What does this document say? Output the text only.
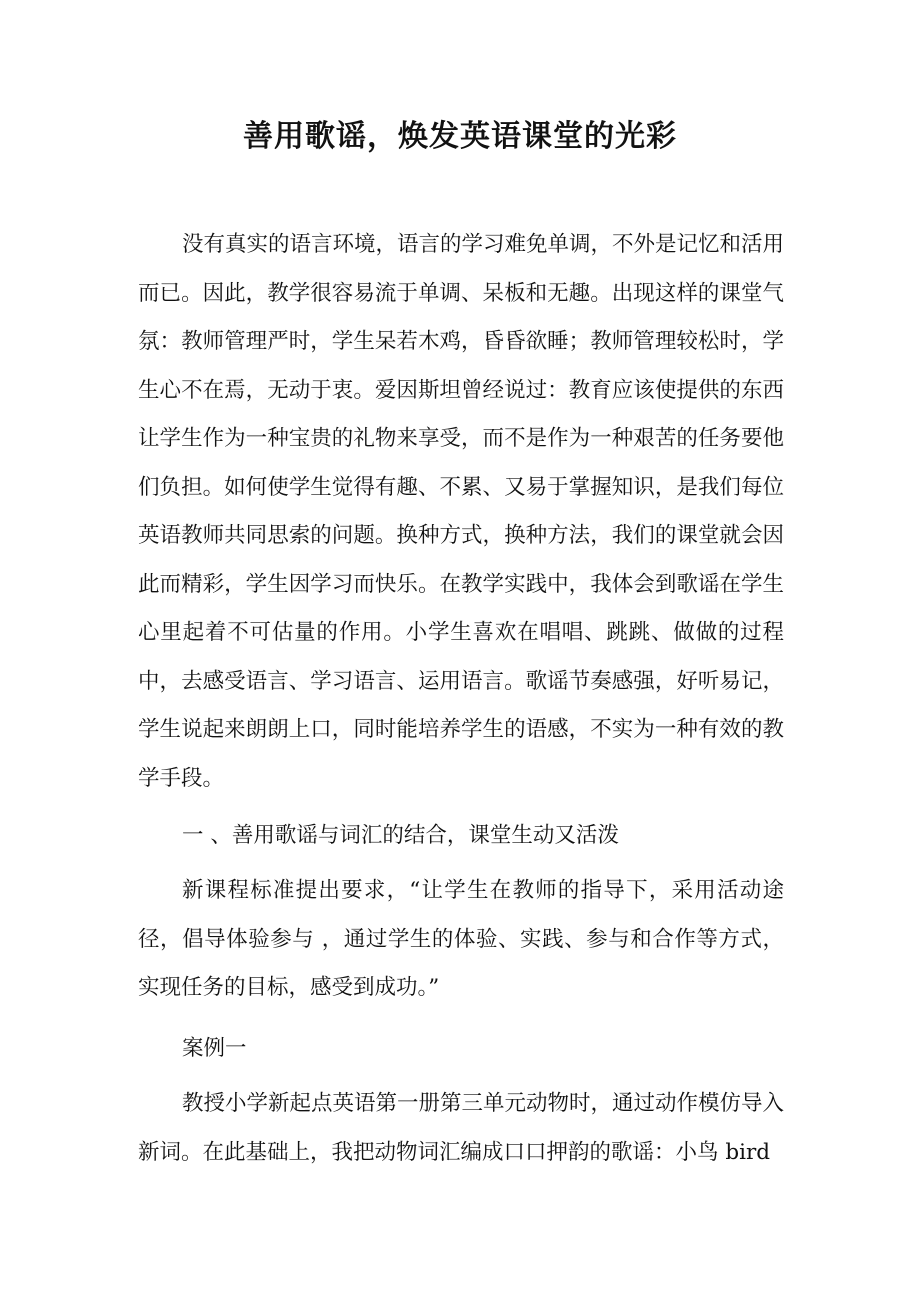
善用歌谣，焕发英语课堂的光彩

没有真实的语言环境，语言的学习难免单调，不外是记忆和活用而已。因此，教学很容易流于单调、呆板和无趣。出现这样的课堂气氛：教师管理严时，学生呆若木鸡，昏昏欲睡；教师管理较松时，学生心不在焉，无动于衷。爱因斯坦曾经说过：教育应该使提供的东西让学生作为一种宝贵的礼物来享受，而不是作为一种艰苦的任务要他们负担。如何使学生觉得有趣、不累、又易于掌握知识，是我们每位英语教师共同思索的问题。换种方式，换种方法，我们的课堂就会因此而精彩，学生因学习而快乐。在教学实践中，我体会到歌谣在学生心里起着不可估量的作用。小学生喜欢在唱唱、跳跳、做做的过程中，去感受语言、学习语言、运用语言。歌谣节奏感强，好听易记，学生说起来朗朗上口，同时能培养学生的语感，不实为一种有效的教学手段。

一 、善用歌谣与词汇的结合，课堂生动又活泼

新课程标准提出要求，“让学生在教师的指导下，采用活动途径，倡导体验参与 ，通过学生的体验、实践、参与和合作等方式，实现任务的目标，感受到成功。”

案例一

教授小学新起点英语第一册第三单元动物时，通过动作模仿导入新词。在此基础上，我把动物词汇编成口口押韵的歌谣：小鸟 bird
